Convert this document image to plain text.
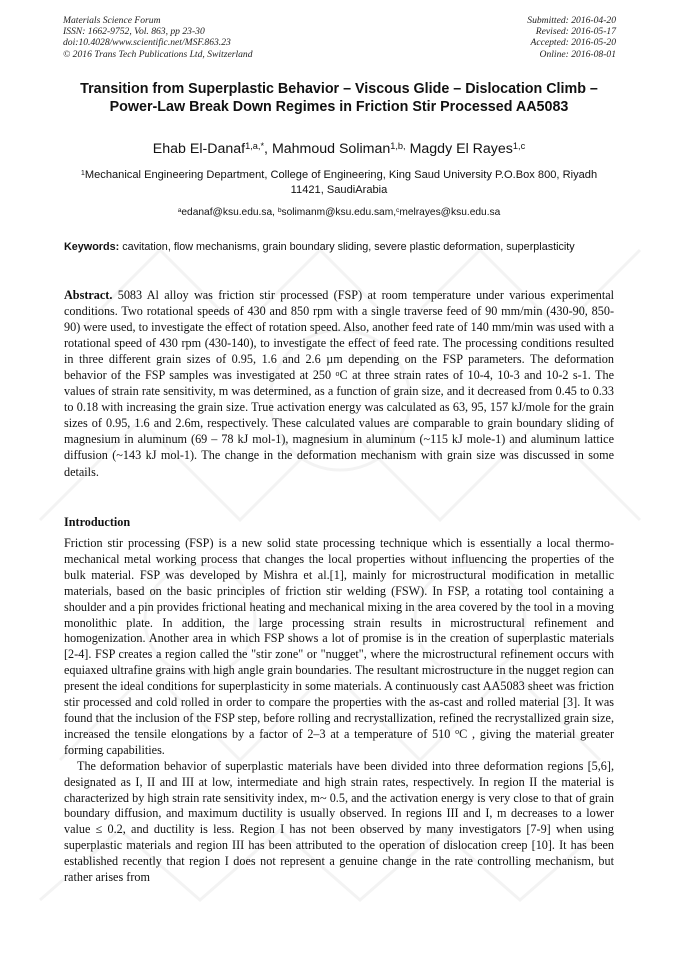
Materials Science Forum
ISSN: 1662-9752, Vol. 863, pp 23-30
doi:10.4028/www.scientific.net/MSF.863.23
© 2016 Trans Tech Publications Ltd, Switzerland
Submitted: 2016-04-20
Revised: 2016-05-17
Accepted: 2016-05-20
Online: 2016-08-01
Transition from Superplastic Behavior – Viscous Glide – Dislocation Climb – Power-Law Break Down Regimes in Friction Stir Processed AA5083
Ehab El-Danaf$^{1,a,*}$, Mahmoud Soliman$^{1,b,}$ Magdy El Rayes$^{1,c}$
$^1$Mechanical Engineering Department, College of Engineering, King Saud University P.O.Box 800, Riyadh 11421, SaudiArabia
$^a$edanaf@ksu.edu.sa, $^b$solimanm@ksu.edu.sam,$^c$melrayes@ksu.edu.sa
Keywords: cavitation, flow mechanisms, grain boundary sliding, severe plastic deformation, superplasticity
Abstract. 5083 Al alloy was friction stir processed (FSP) at room temperature under various experimental conditions. Two rotational speeds of 430 and 850 rpm with a single traverse feed of 90 mm/min (430-90, 850-90) were used, to investigate the effect of rotation speed. Also, another feed rate of 140 mm/min was used with a rotational speed of 430 rpm (430-140), to investigate the effect of feed rate. The processing conditions resulted in three different grain sizes of 0.95, 1.6 and 2.6 µm depending on the FSP parameters. The deformation behavior of the FSP samples was investigated at 250 $^o$C at three strain rates of 10-4, 10-3 and 10-2 s-1. The values of strain rate sensitivity, m was determined, as a function of grain size, and it decreased from 0.45 to 0.33 to 0.18 with increasing the grain size. True activation energy was calculated as 63, 95, 157 kJ/mole for the grain sizes of 0.95, 1.6 and 2.6m, respectively. These calculated values are comparable to grain boundary sliding of magnesium in aluminum (69 – 78 kJ mol-1), magnesium in aluminum (~115 kJ mole-1) and aluminum lattice diffusion (~143 kJ mol-1). The change in the deformation mechanism with grain size was discussed in some details.
Introduction

Friction stir processing (FSP) is a new solid state processing technique which is essentially a local thermo-mechanical metal working process that changes the local properties without influencing the properties of the bulk material. FSP was developed by Mishra et al.[1], mainly for microstructural modification in metallic materials, based on the basic principles of friction stir welding (FSW). In FSP, a rotating tool containing a shoulder and a pin provides frictional heating and mechanical mixing in the area covered by the tool in a moving monolithic plate. In addition, the large processing strain results in microstructural refinement and homogenization. Another area in which FSP shows a lot of promise is in the creation of superplastic materials [2-4]. FSP creates a region called the "stir zone" or "nugget", where the microstructural refinement occurs with equiaxed ultrafine grains with high angle grain boundaries. The resultant microstructure in the nugget region can present the ideal conditions for superplasticity in some materials. A continuously cast AA5083 sheet was friction stir processed and cold rolled in order to compare the properties with the as-cast and rolled material [3]. It was found that the inclusion of the FSP step, before rolling and recrystallization, refined the recrystallized grain size, increased the tensile elongations by a factor of 2–3 at a temperature of 510 $^o$C , giving the material greater forming capabilities.

The deformation behavior of superplastic materials have been divided into three deformation regions [5,6], designated as I, II and III at low, intermediate and high strain rates, respectively. In region II the material is characterized by high strain rate sensitivity index, m~ 0.5, and the activation energy is very close to that of grain boundary diffusion, and maximum ductility is usually observed. In regions III and I, m decreases to a lower value ≤ 0.2, and ductility is less. Region I has not been observed by many investigators [7-9] when using superplastic materials and region III has been attributed to the operation of dislocation creep [10]. It has been established recently that region I does not represent a genuine change in the rate controlling mechanism, but rather arises from
